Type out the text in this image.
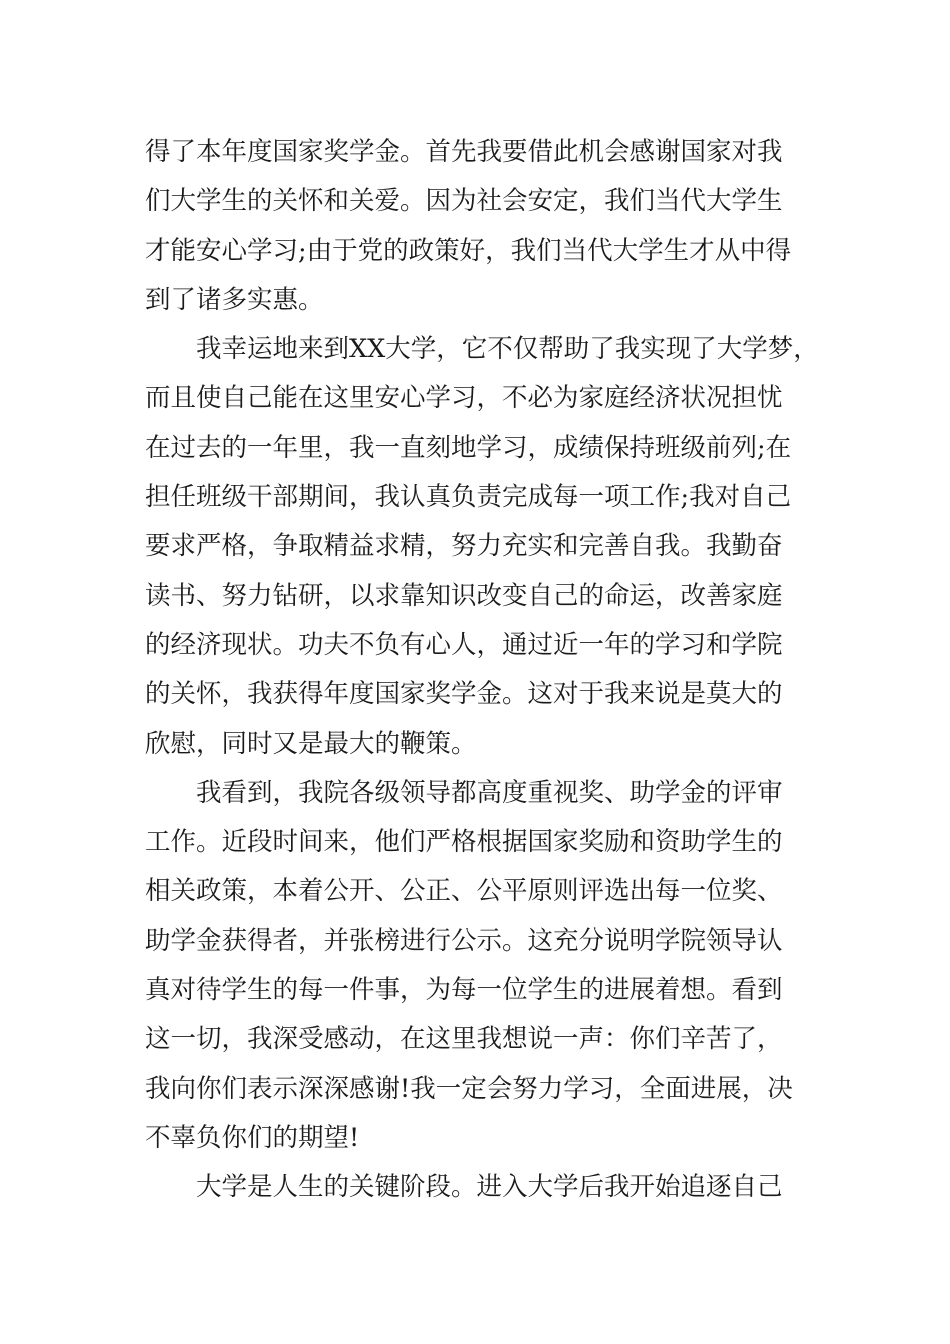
得了本年度国家奖学金。首先我要借此机会感谢国家对我
们大学生的关怀和关爱。因为社会安定，我们当代大学生
才能安心学习;由于党的政策好，我们当代大学生才从中得
到了诸多实惠。
我幸运地来到XX大学，它不仅帮助了我实现了大学梦，
而且使自己能在这里安心学习，不必为家庭经济状况担忧
在过去的一年里，我一直刻地学习，成绩保持班级前列;在
担任班级干部期间，我认真负责完成每一项工作;我对自己
要求严格，争取精益求精，努力充实和完善自我。我勤奋
读书、努力钻研，以求靠知识改变自己的命运，改善家庭
的经济现状。功夫不负有心人，通过近一年的学习和学院
的关怀，我获得年度国家奖学金。这对于我来说是莫大的
欣慰，同时又是最大的鞭策。
我看到，我院各级领导都高度重视奖、助学金的评审
工作。近段时间来，他们严格根据国家奖励和资助学生的
相关政策，本着公开、公正、公平原则评选出每一位奖、
助学金获得者，并张榜进行公示。这充分说明学院领导认
真对待学生的每一件事，为每一位学生的进展着想。看到
这一切，我深受感动，在这里我想说一声：你们辛苦了，
我向你们表示深深感谢!我一定会努力学习，全面进展，决
不辜负你们的期望!
大学是人生的关键阶段。进入大学后我开始追逐自己
